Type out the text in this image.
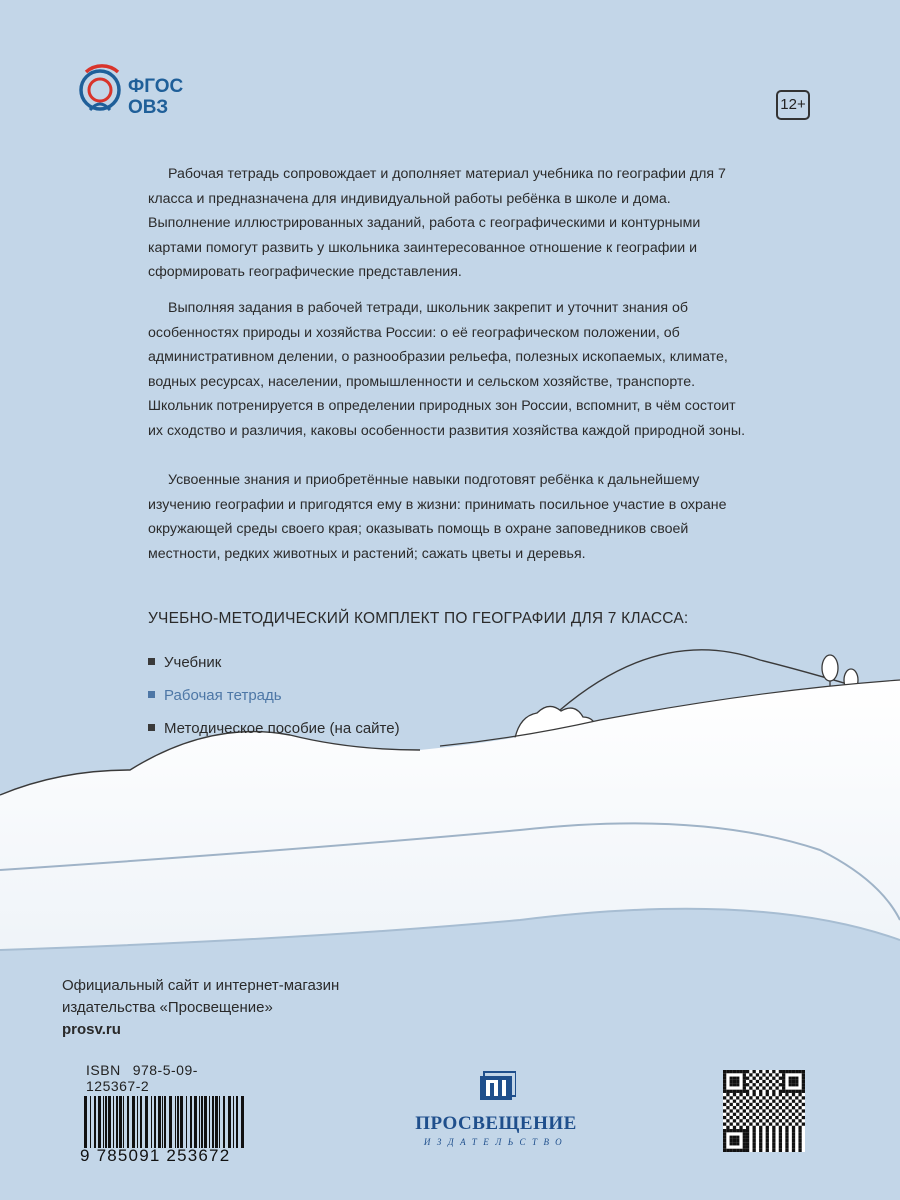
ФГОС
ОВЗ	12+

Рабочая тетрадь сопровождает и дополняет материал учебника по географии для 7 класса и предназначена для индивидуальной работы ребёнка в школе и дома. Выполнение иллюстрированных заданий, работа с географическими и контурными картами помогут развить у школьника заинтересованное отношение к географии и сформировать географические представления.

Выполняя задания в рабочей тетради, школьник закрепит и уточнит знания об особенностях природы и хозяйства России: о её географическом положении, об административном делении, о разнообразии рельефа, полезных ископаемых, климате, водных ресурсах, населении, промышленности и сельском хозяйстве, транспорте. Школьник потренируется в определении природных зон России, вспомнит, в чём состоит их сходство и различия, каковы особенности развития хозяйства каждой природной зоны.

Усвоенные знания и приобретённые навыки подготовят ребёнка к дальнейшему изучению географии и пригодятся ему в жизни: принимать посильное участие в охране окружающей среды своего края; оказывать помощь в охране заповедников своей местности, редких животных и растений; сажать цветы и деревья.

УЧЕБНО-МЕТОДИЧЕСКИЙ КОМПЛЕКТ ПО ГЕОГРАФИИ ДЛЯ 7 КЛАССА:
Учебник
Рабочая тетрадь
Методическое пособие (на сайте)
Официальный сайт и интернет-магазин
издательства «Просвещение»
prosv.ru
ISBN 978-5-09-125367-2
9 785091 253672
ПРОСВЕЩЕНИЕ
ИЗДАТЕЛЬСТВО
